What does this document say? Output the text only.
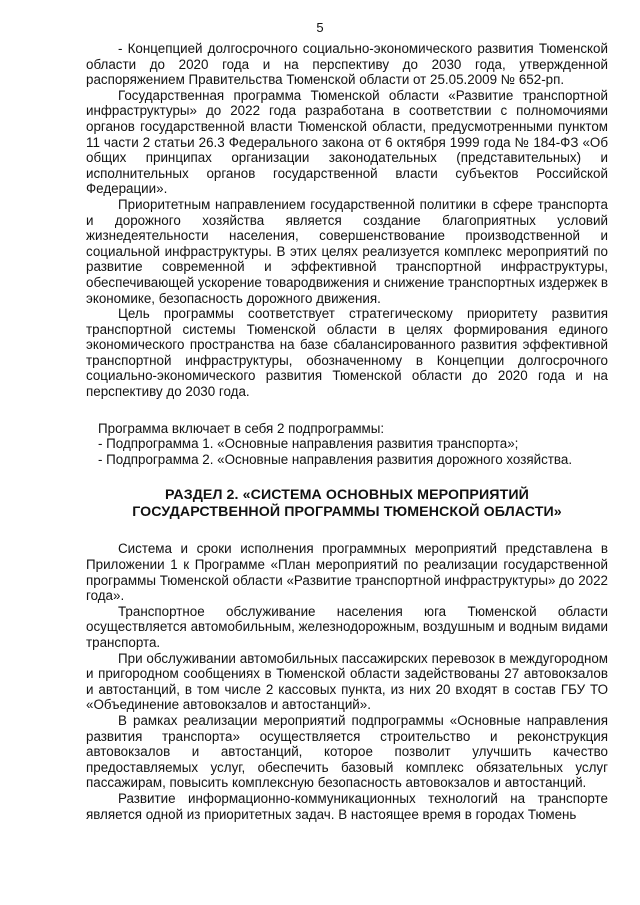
5

- Концепцией долгосрочного социально-экономического развития Тюменской области до 2020 года и на перспективу до 2030 года, утвержденной распоряжением Правительства Тюменской области от 25.05.2009 № 652-рп.

Государственная программа Тюменской области «Развитие транспортной инфраструктуры» до 2022 года разработана в соответствии с полномочиями органов государственной власти Тюменской области, предусмотренными пунктом 11 части 2 статьи 26.3 Федерального закона от 6 октября 1999 года № 184-ФЗ «Об общих принципах организации законодательных (представительных) и исполнительных органов государственной власти субъектов Российской Федерации».

Приоритетным направлением государственной политики в сфере транспорта и дорожного хозяйства является создание благоприятных условий жизнедеятельности населения, совершенствование производственной и социальной инфраструктуры. В этих целях реализуется комплекс мероприятий по развитие современной и эффективной транспортной инфраструктуры, обеспечивающей ускорение товародвижения и снижение транспортных издержек в экономике, безопасность дорожного движения.

Цель программы соответствует стратегическому приоритету развития транспортной системы Тюменской области в целях формирования единого экономического пространства на базе сбалансированного развития эффективной транспортной инфраструктуры, обозначенному в Концепции долгосрочного социально-экономического развития Тюменской области до 2020 года и на перспективу до 2030 года.

Программа включает в себя 2 подпрограммы:
- Подпрограмма 1. «Основные направления развития транспорта»;
- Подпрограмма 2. «Основные направления развития дорожного хозяйства.
РАЗДЕЛ 2. «СИСТЕМА ОСНОВНЫХ МЕРОПРИЯТИЙ
ГОСУДАРСТВЕННОЙ ПРОГРАММЫ ТЮМЕНСКОЙ ОБЛАСТИ»

Система и сроки исполнения программных мероприятий представлена в Приложении 1 к Программе «План мероприятий по реализации государственной программы Тюменской области «Развитие транспортной инфраструктуры» до 2022 года».

Транспортное обслуживание населения юга Тюменской области осуществляется автомобильным, железнодорожным, воздушным и водным видами транспорта.

При обслуживании автомобильных пассажирских перевозок в междугородном и пригородном сообщениях в Тюменской области задействованы 27 автовокзалов и автостанций, в том числе 2 кассовых пункта, из них 20 входят в состав ГБУ ТО «Объединение автовокзалов и автостанций».

В рамках реализации мероприятий подпрограммы «Основные направления развития транспорта» осуществляется строительство и реконструкция автовокзалов и автостанций, которое позволит улучшить качество предоставляемых услуг, обеспечить базовый комплекс обязательных услуг пассажирам, повысить комплексную безопасность автовокзалов и автостанций.

Развитие информационно-коммуникационных технологий на транспорте является одной из приоритетных задач. В настоящее время в городах Тюмень
